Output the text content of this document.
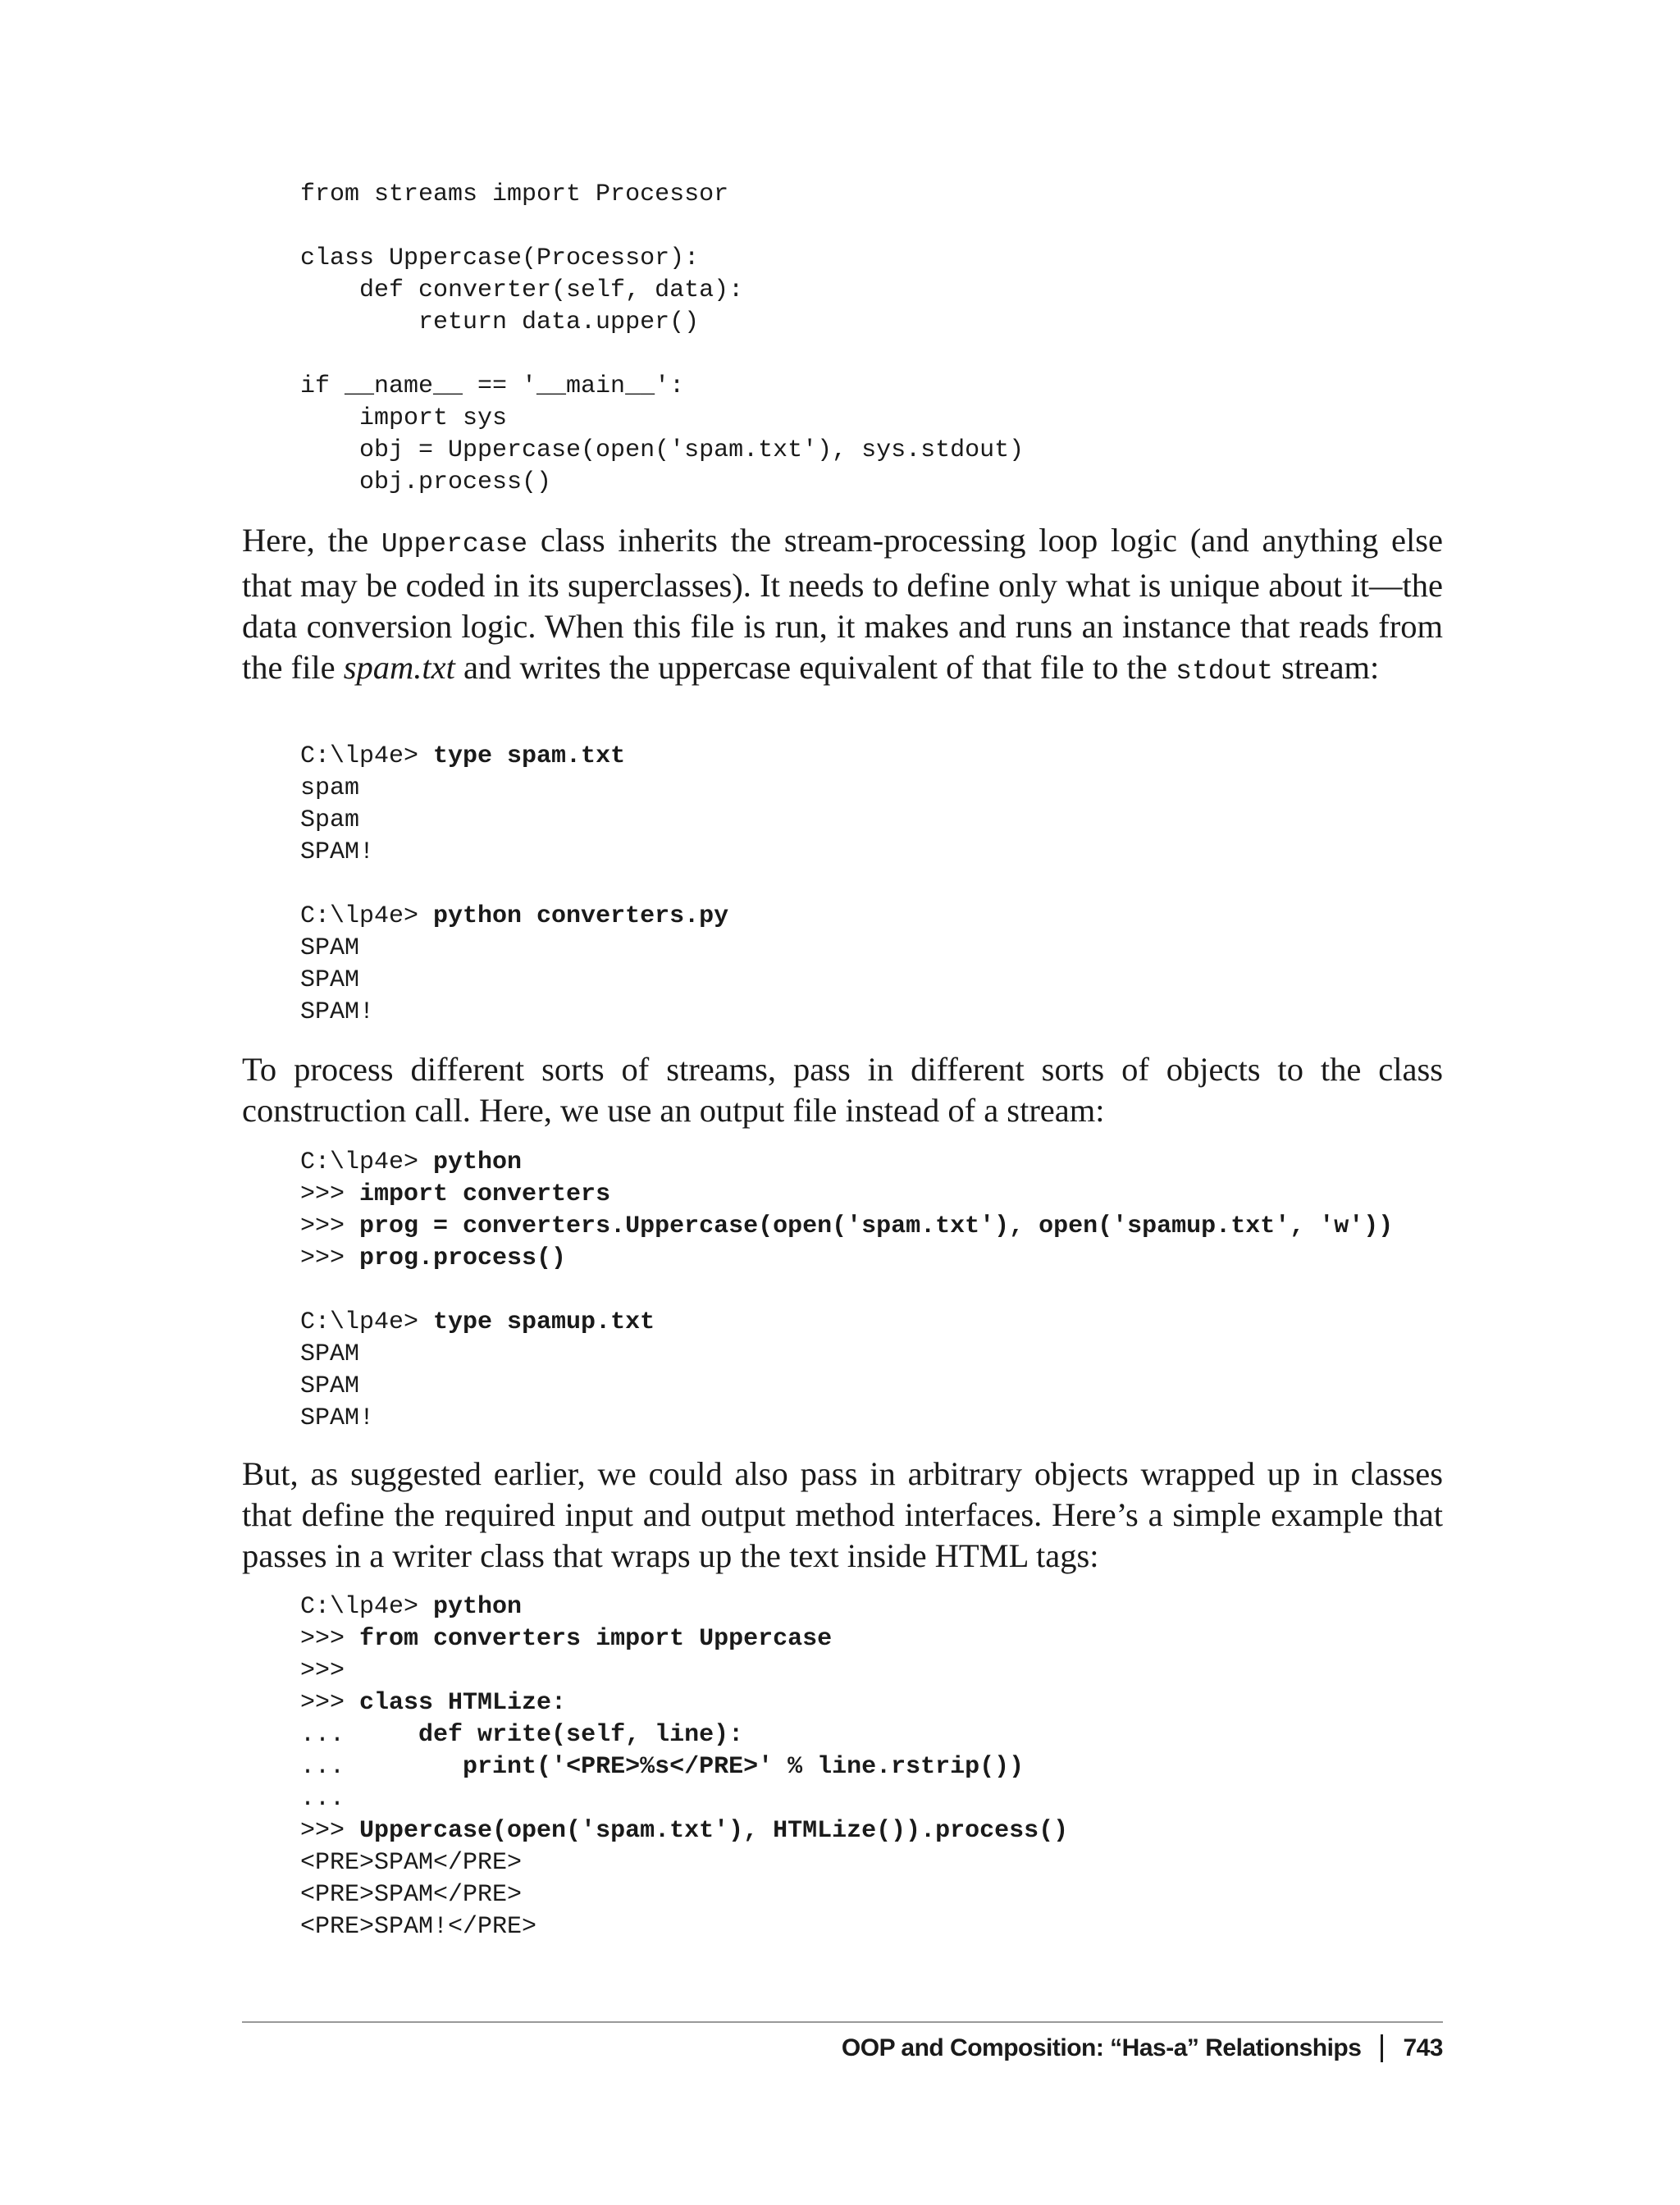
from streams import Processor

class Uppercase(Processor):
def converter(self, data):
return data.upper()

if __name__ == '__main__':
import sys
obj = Uppercase(open('spam.txt'), sys.stdout)
obj.process()

Here, the Uppercase class inherits the stream-processing loop logic (and anything else that may be coded in its superclasses). It needs to define only what is unique about it—the data conversion logic. When this file is run, it makes and runs an instance that reads from the file spam.txt and writes the uppercase equivalent of that file to the stdout stream:

C:\lp4e> type spam.txt
spam
Spam
SPAM!

C:\lp4e> python converters.py
SPAM
SPAM
SPAM!

To process different sorts of streams, pass in different sorts of objects to the class construction call. Here, we use an output file instead of a stream:

C:\lp4e> python
>>> import converters
>>> prog = converters.Uppercase(open('spam.txt'), open('spamup.txt', 'w'))
>>> prog.process()

C:\lp4e> type spamup.txt
SPAM
SPAM
SPAM!

But, as suggested earlier, we could also pass in arbitrary objects wrapped up in classes that define the required input and output method interfaces. Here’s a simple example that passes in a writer class that wraps up the text inside HTML tags:

C:\lp4e> python
>>> from converters import Uppercase
>>>
>>> class HTMLize:
...     def write(self, line):
...        print('<PRE>%s</PRE>' % line.rstrip())
...
>>> Uppercase(open('spam.txt'), HTMLize()).process()
<PRE>SPAM</PRE>
<PRE>SPAM</PRE>
<PRE>SPAM!</PRE>
OOP and Composition: “Has-a” Relationships 743
